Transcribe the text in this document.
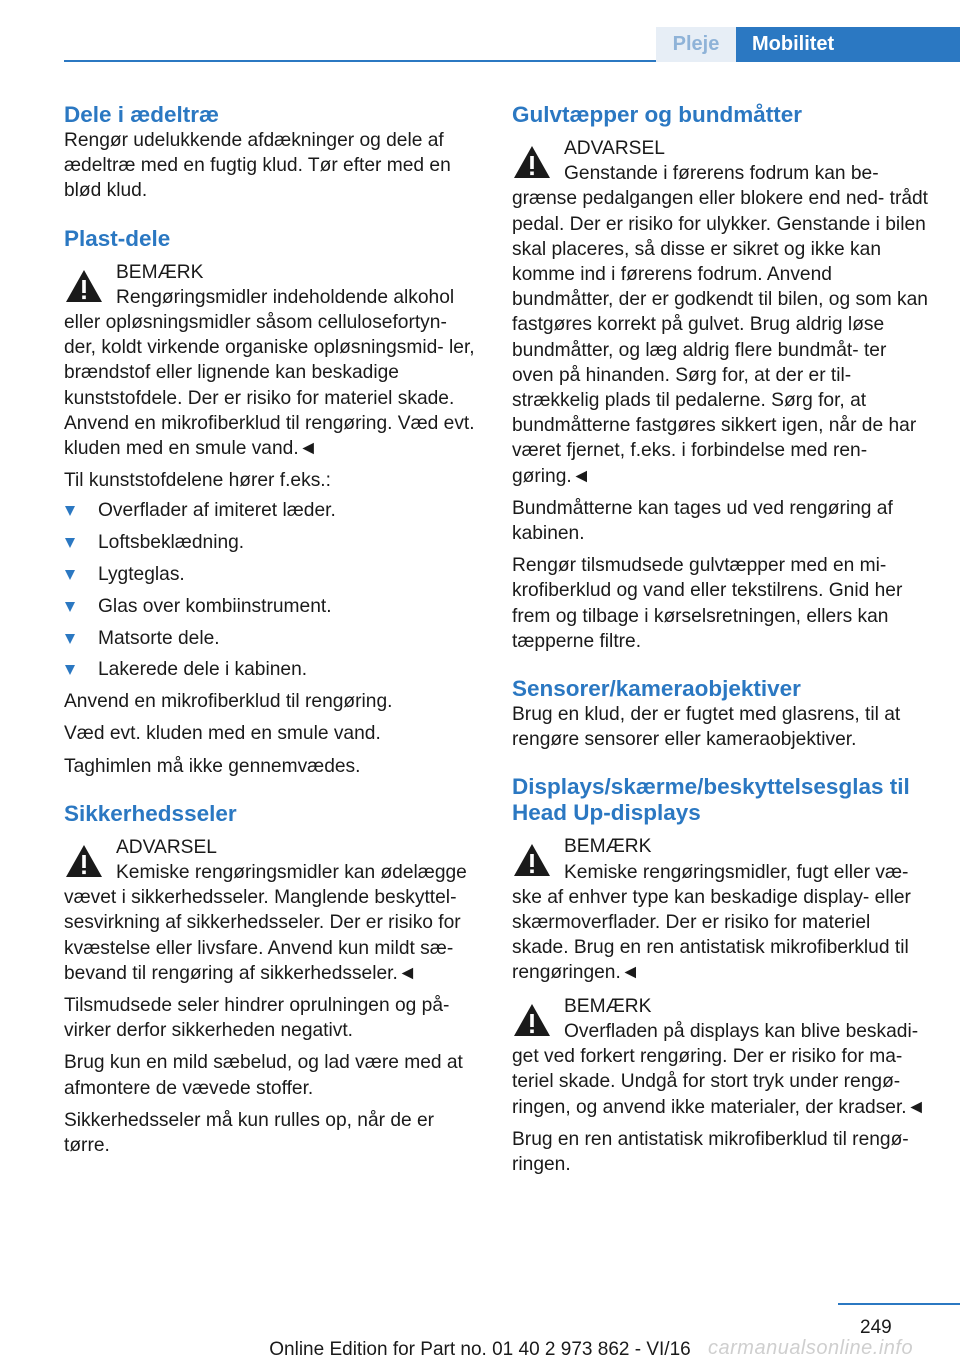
Pleje	Mobilitet
Dele i ædeltræ

Rengør udelukkende afdækninger og dele af ædeltræ med en fugtig klud. Tør efter med en blød klud.

Plast-dele
BEMÆRK
Rengøringsmidler indeholdende alkohol eller opløsningsmidler såsom cellulosefortyn- der, koldt virkende organiske opløsningsmid- ler, brændstof eller lignende kan beskadige kunststofdele. Der er risiko for materiel skade. Anvend en mikrofiberklud til rengøring. Væd evt. kluden med en smule vand.◄

Til kunststofdelene hører f.eks.:

Overflader af imiteret læder.
Loftsbeklædning.
Lygteglas.
Glas over kombiinstrument.
Matsorte dele.
Lakerede dele i kabinen.

Anvend en mikrofiberklud til rengøring.

Væd evt. kluden med en smule vand.

Taghimlen må ikke gennemvædes.

Sikkerhedsseler
ADVARSEL
Kemiske rengøringsmidler kan ødelægge vævet i sikkerhedsseler. Manglende beskyttel- sesvirkning af sikkerhedsseler. Der er risiko for kvæstelse eller livsfare. Anvend kun mildt sæ- bevand til rengøring af sikkerhedsseler.◄

Tilsmudsede seler hindrer oprulningen og på- virker derfor sikkerheden negativt.

Brug kun en mild sæbelud, og lad være med at afmontere de vævede stoffer.

Sikkerhedsseler må kun rulles op, når de er tørre.

Gulvtæpper og bundmåtter
ADVARSEL
Genstande i førerens fodrum kan be- grænse pedalgangen eller blokere end ned- trådt pedal. Der er risiko for ulykker. Genstande i bilen skal placeres, så disse er sikret og ikke kan komme ind i førerens fodrum. Anvend bundmåtter, der er godkendt til bilen, og som kan fastgøres korrekt på gulvet. Brug aldrig løse bundmåtter, og læg aldrig flere bundmåt- ter oven på hinanden. Sørg for, at der er til- strækkelig plads til pedalerne. Sørg for, at bundmåtterne fastgøres sikkert igen, når de har været fjernet, f.eks. i forbindelse med ren- gøring.◄

Bundmåtterne kan tages ud ved rengøring af kabinen.

Rengør tilsmudsede gulvtæpper med en mi- krofiberklud og vand eller tekstilrens. Gnid her frem og tilbage i kørselsretningen, ellers kan tæpperne filtre.

Sensorer/kameraobjektiver

Brug en klud, der er fugtet med glasrens, til at rengøre sensorer eller kameraobjektiver.

Displays/skærme/beskyttelsesglas til Head Up-displays
BEMÆRK
Kemiske rengøringsmidler, fugt eller væ- ske af enhver type kan beskadige display- eller skærmoverflader. Der er risiko for materiel skade. Brug en ren antistatisk mikrofiberklud til rengøringen.◄
BEMÆRK
Overfladen på displays kan blive beskadi- get ved forkert rengøring. Der er risiko for ma- teriel skade. Undgå for stort tryk under rengø- ringen, og anvend ikke materialer, der kradser.◄

Brug en ren antistatisk mikrofiberklud til rengø- ringen.

249
Online Edition for Part no. 01 40 2 973 862 - VI/16 carmanualsonline.info
